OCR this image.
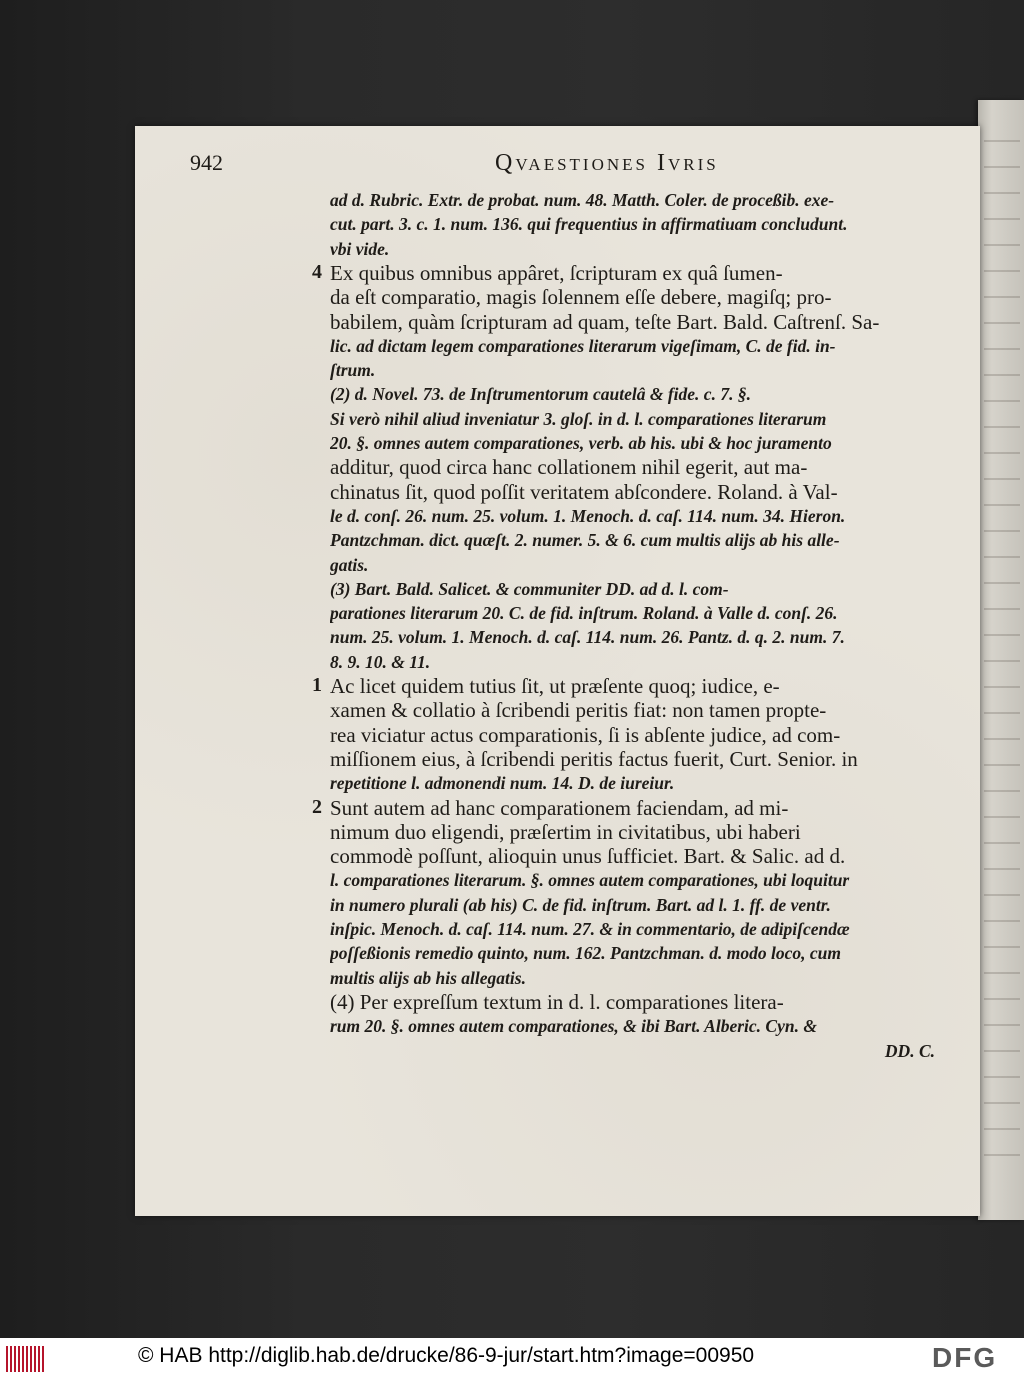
942	Qvaestiones Ivris
ad d. Rubric. Extr. de probat. num. 48. Matth. Coler. de proceßib. exe-
cut. part. 3. c. 1. num. 136. qui frequentius in affirmatiuam concludunt.
vbi vide.
Ex quibus omnibus appâret, ſcripturam ex quâ ſumen-
4
da eſt comparatio, magis ſolennem eſſe debere, magiſq; pro-
babilem, quàm ſcripturam ad quam, teſte Bart. Bald. Caſtrenſ. Sa-
lic. ad dictam legem comparationes literarum vigeſimam, C. de fid. in-
ſtrum.
(2) d. Novel. 73. de Inſtrumentorum cautelâ & fide. c. 7. §.
Si verò nihil aliud inveniatur 3. gloſ. in d. l. comparationes literarum
20. §. omnes autem comparationes, verb. ab his. ubi & hoc juramento
additur, quod circa hanc collationem nihil egerit, aut ma-
chinatus ſit, quod poſſit veritatem abſcondere. Roland. à Val-
le d. conſ. 26. num. 25. volum. 1. Menoch. d. caſ. 114. num. 34. Hieron.
Pantzchman. dict. quæſt. 2. numer. 5. & 6. cum multis alijs ab his alle-
gatis.
(3) Bart. Bald. Salicet. & communiter DD. ad d. l. com-
parationes literarum 20. C. de fid. inſtrum. Roland. à Valle d. conſ. 26.
num. 25. volum. 1. Menoch. d. caſ. 114. num. 26. Pantz. d. q. 2. num. 7.
8. 9. 10. & 11.
Ac licet quidem tutius ſit, ut præſente quoq; iudice, e-
1
xamen & collatio à ſcribendi peritis fiat: non tamen propte-
rea viciatur actus comparationis, ſi is abſente judice, ad com-
miſſionem eius, à ſcribendi peritis factus fuerit, Curt. Senior. in
repetitione l. admonendi num. 14. D. de iureiur.
Sunt autem ad hanc comparationem faciendam, ad mi-
2
nimum duo eligendi, præſertim in civitatibus, ubi haberi
commodè poſſunt, alioquin unus ſufficiet. Bart. & Salic. ad d.
l. comparationes literarum. §. omnes autem comparationes, ubi loquitur
in numero plurali (ab his) C. de fid. inſtrum. Bart. ad l. 1. ff. de ventr.
inſpic. Menoch. d. caſ. 114. num. 27. & in commentario, de adipiſcendæ
poſſeßionis remedio quinto, num. 162. Pantzchman. d. modo loco, cum
multis alijs ab his allegatis.
(4) Per expreſſum textum in d. l. comparationes litera-
rum 20. §. omnes autem comparationes, & ibi Bart. Alberic. Cyn. &
DD. C.
© HAB http://diglib.hab.de/drucke/86-9-jur/start.htm?image=00950	DFG
